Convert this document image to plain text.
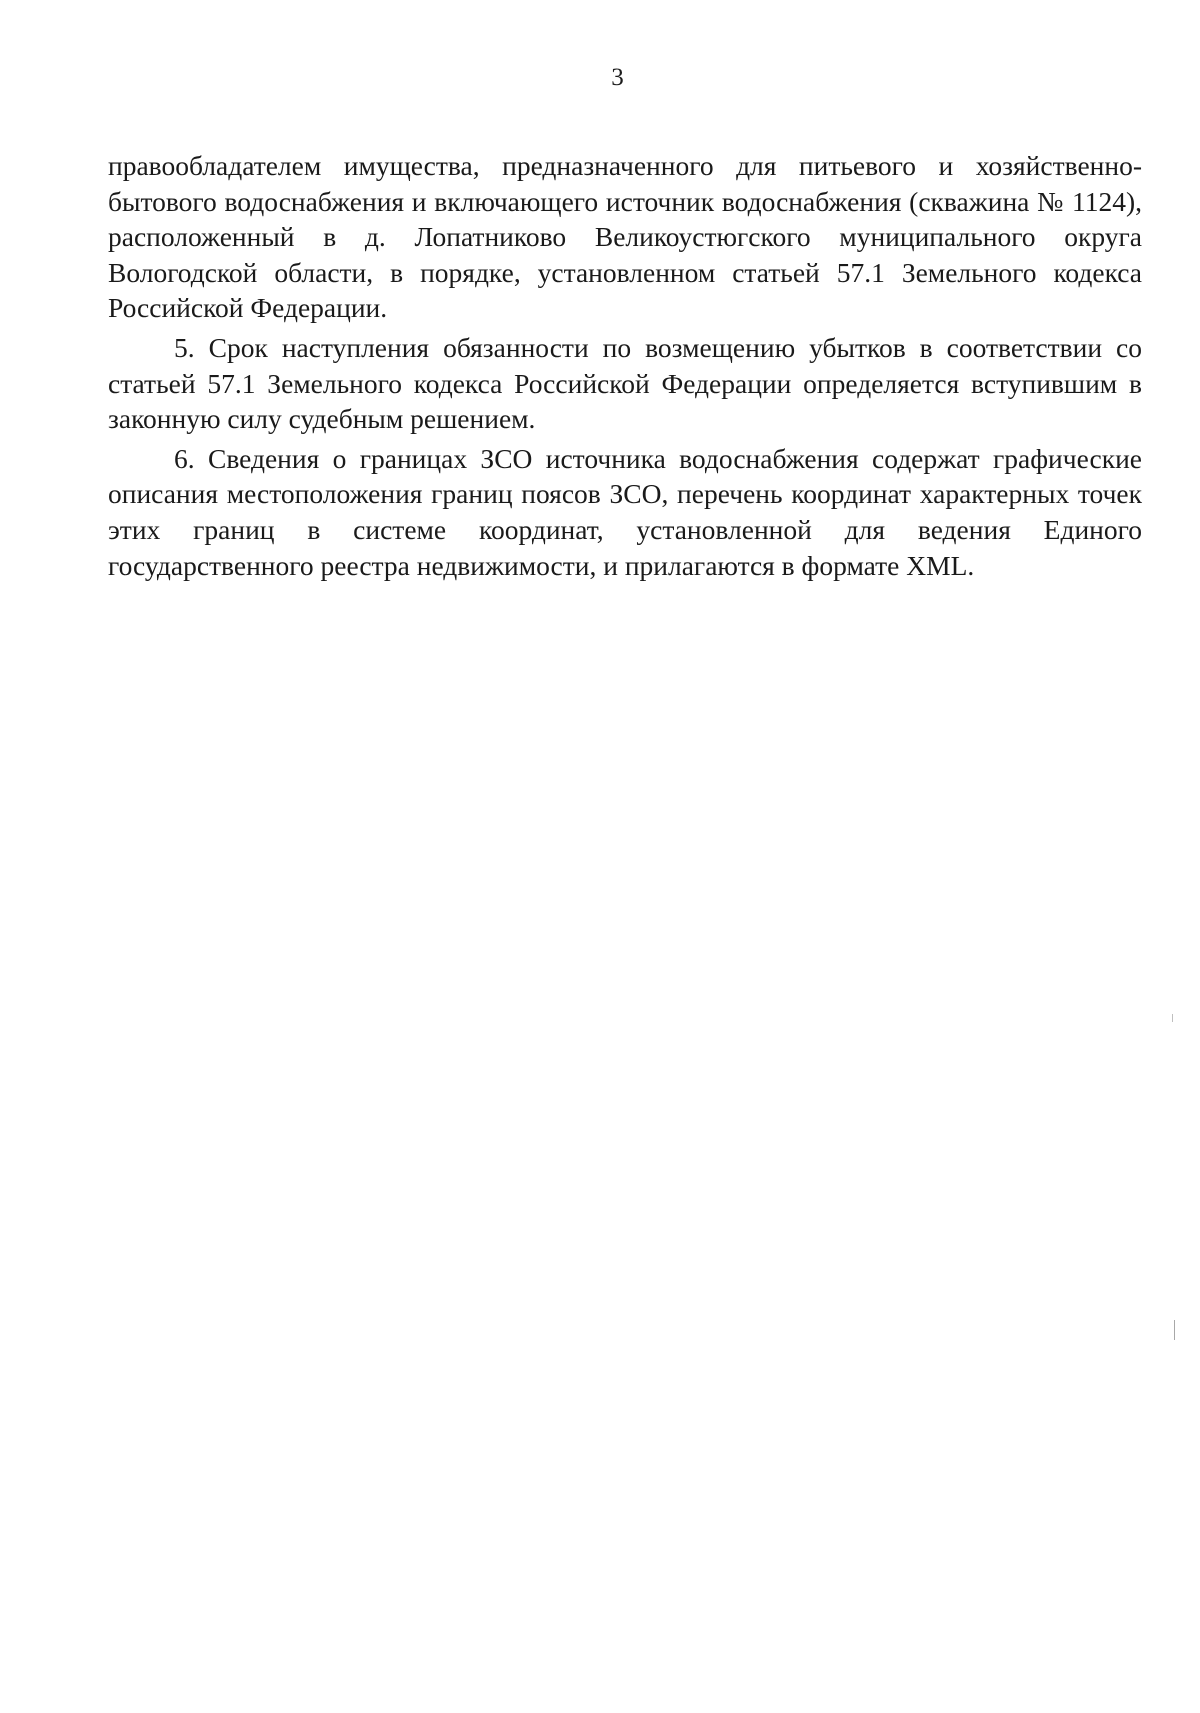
3

правообладателем имущества, предназначенного для питьевого и хозяйственно-бытового водоснабжения и включающего источник водоснабжения (скважина № 1124), расположенный в д. Лопатниково Великоустюгского муниципального округа Вологодской области, в порядке, установленном статьей 57.1 Земельного кодекса Российской Федерации.

5. Срок наступления обязанности по возмещению убытков в соответствии со статьей 57.1 Земельного кодекса Российской Федерации определяется вступившим в законную силу судебным решением.

6. Сведения о границах ЗСО источника водоснабжения содержат графические описания местоположения границ поясов ЗСО, перечень координат характерных точек этих границ в системе координат, установленной для ведения Единого государственного реестра недвижимости, и прилагаются в формате XML.
